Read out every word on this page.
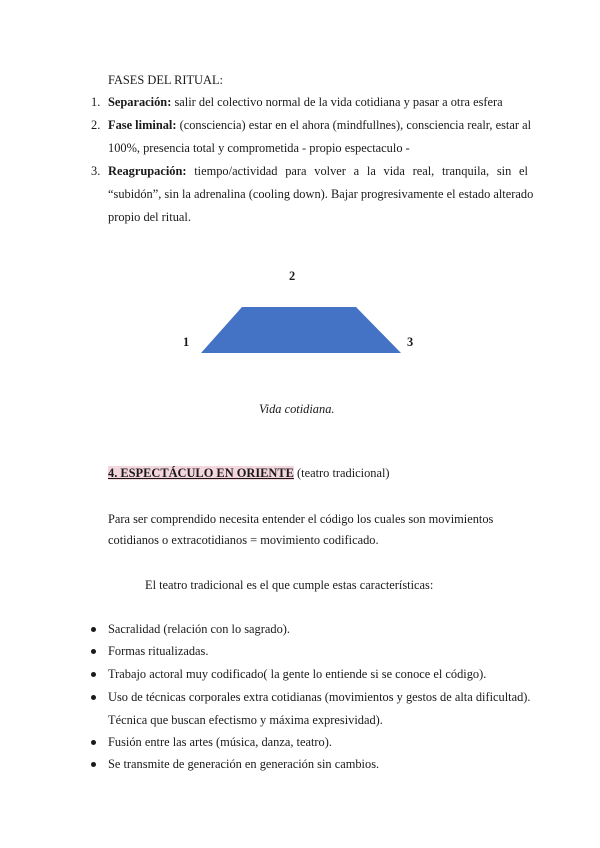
FASES DEL RITUAL:
1. Separación: salir del colectivo normal de la vida cotidiana y pasar a otra esfera
2. Fase liminal: (consciencia) estar en el ahora (mindfullnes), consciencia realr, estar al
100%, presencia total y comprometida - propio espectaculo -
3. Reagrupación: tiempo/actividad para volver a la vida real, tranquila, sin el
“subidón”, sin la adrenalina (cooling down). Bajar progresivamente el estado alterado
propio del ritual.
2
1	3
Vida cotidiana.
4. ESPECTÁCULO EN ORIENTE (teatro tradicional)
Para ser comprendido necesita entender el código los cuales son movimientos
cotidianos o extracotidianos = movimiento codificado.
El teatro tradicional es el que cumple estas características:
Sacralidad (relación con lo sagrado).
Formas ritualizadas.
Trabajo actoral muy codificado( la gente lo entiende si se conoce el código).
Uso de técnicas corporales extra cotidianas (movimientos y gestos de alta dificultad).
Técnica que buscan efectismo y máxima expresividad).
Fusión entre las artes (música, danza, teatro).
Se transmite de generación en generación sin cambios.
